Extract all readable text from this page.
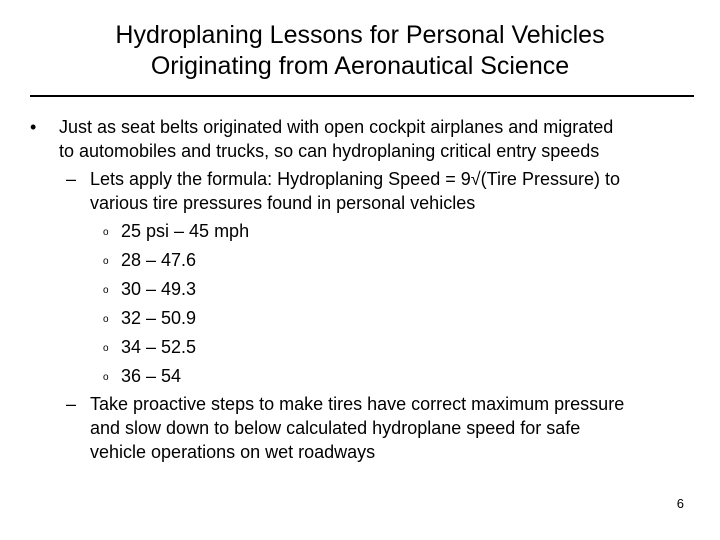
Hydroplaning Lessons for Personal Vehicles
Originating from Aeronautical Science
• Just as seat belts originated with open cockpit airplanes and migrated
to automobiles and trucks, so can hydroplaning critical entry speeds
– Lets apply the formula: Hydroplaning Speed = 9√(Tire Pressure) to
various tire pressures found in personal vehicles
o 25 psi – 45 mph
o 28 – 47.6
o 30 – 49.3
o 32 – 50.9
o 34 – 52.5
o 36 – 54
– Take proactive steps to make tires have correct maximum pressure
and slow down to below calculated hydroplane speed for safe
vehicle operations on wet roadways
6
